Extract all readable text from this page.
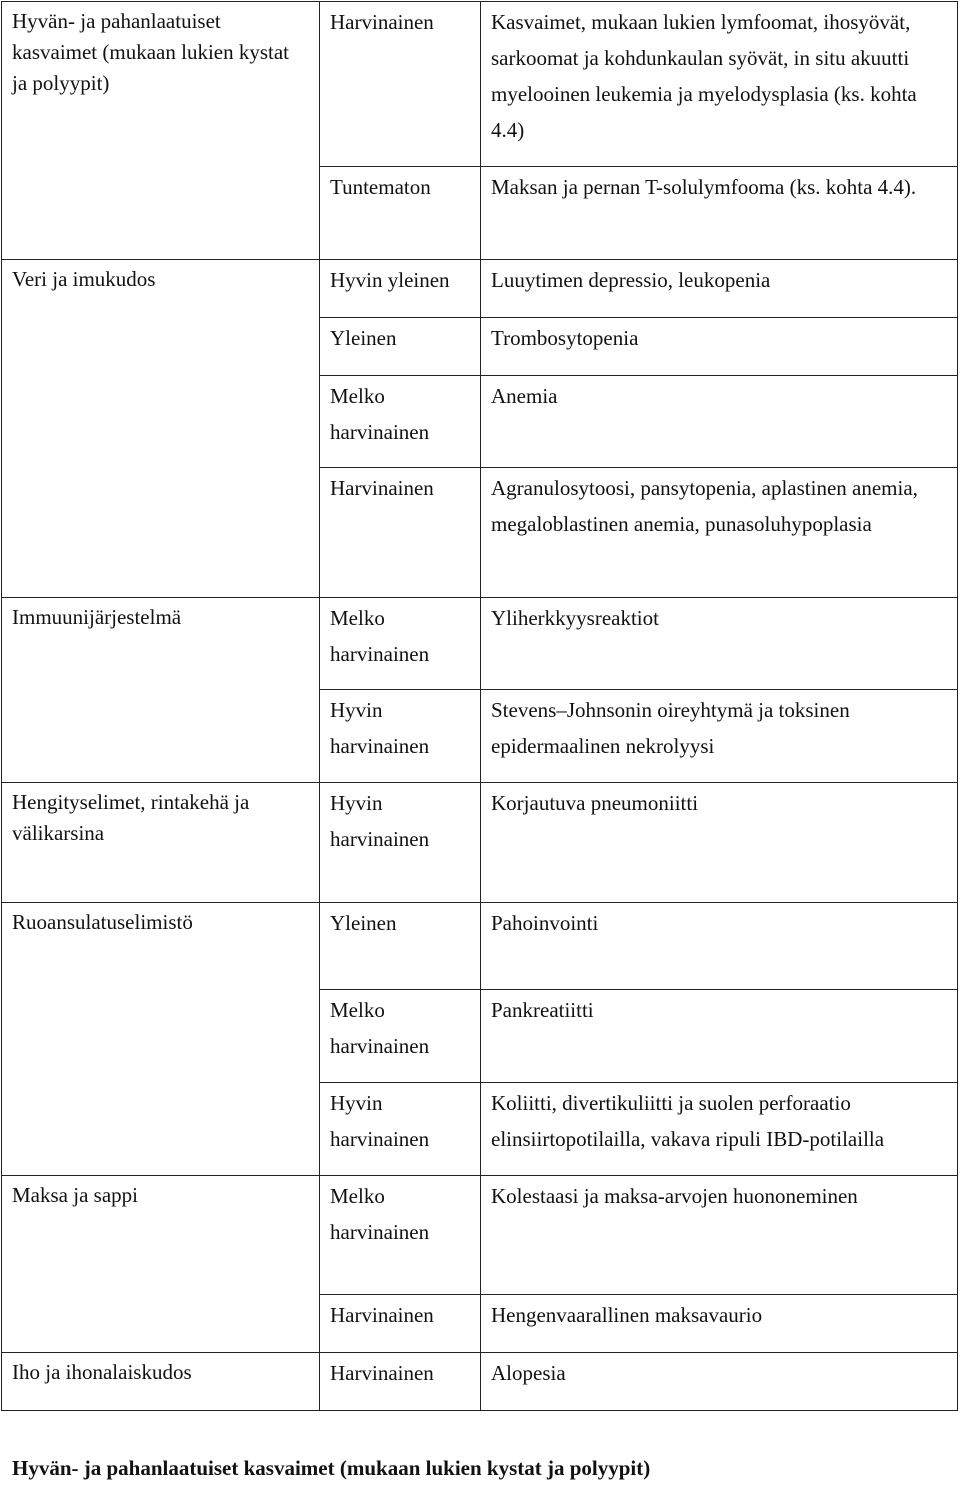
Hyvän- ja pahanlaatuiset kasvaimet (mukaan lukien kystat ja polyypit)	Harvinainen	Kasvaimet, mukaan lukien lymfoomat, ihosyövät, sarkoomat ja kohdunkaulan syövät, in situ akuutti myelooinen leukemia ja myelodysplasia (ks. kohta 4.4)

	Tuntematon	Maksan ja pernan T-solulymfooma (ks. kohta 4.4).

Veri ja imukudos	Hyvin yleinen	Luuytimen depressio, leukopenia

	Yleinen	Trombosytopenia

	Melko harvinainen	Anemia

	Harvinainen	Agranulosytoosi, pansytopenia, aplastinen anemia, megaloblastinen anemia, punasoluhypoplasia

Immuunijärjestelmä	Melko harvinainen	Yliherkkyysreaktiot

	Hyvin harvinainen	Stevens–Johnsonin oireyhtymä ja toksinen epidermaalinen nekrolyysi

Hengityselimet, rintakehä ja välikarsina	Hyvin harvinainen	Korjautuva pneumoniitti

Ruoansulatuselimistö	Yleinen	Pahoinvointi

	Melko harvinainen	Pankreatiitti

	Hyvin harvinainen	Koliitti, divertikuliitti ja suolen perforaatio elinsiirtopotilailla, vakava ripuli IBD-potilailla

Maksa ja sappi	Melko harvinainen	Kolestaasi ja maksa-arvojen huononeminen

	Harvinainen	Hengenvaarallinen maksavaurio

Iho ja ihonalaiskudos	Harvinainen	Alopesia
Hyvän- ja pahanlaatuiset kasvaimet (mukaan lukien kystat ja polyypit)
